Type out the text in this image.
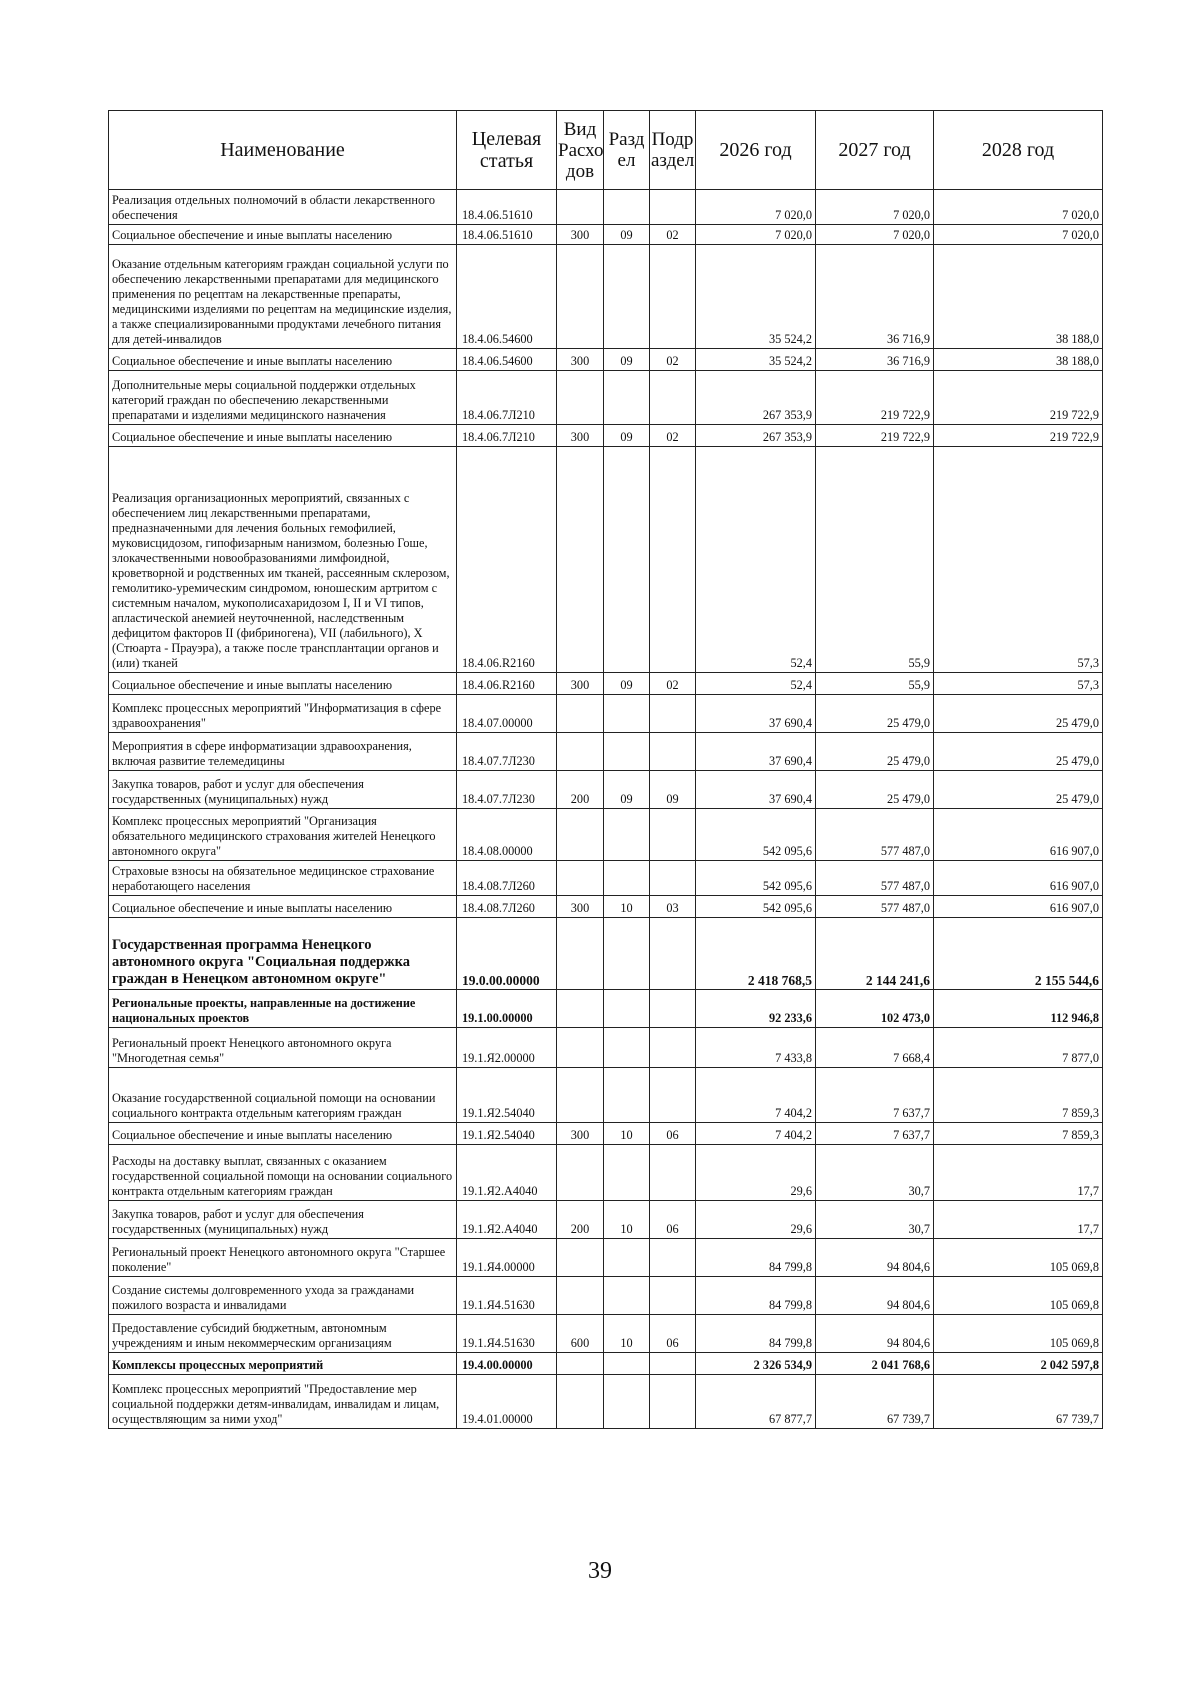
Наименование	Целевая статья	Вид Расхо дов	Разд ел	Подр аздел	2026 год	2027 год	2028 год
Реализация отдельных полномочий в области лекарственного обеспечения	18.4.06.51610				7 020,0	7 020,0	7 020,0
Социальное обеспечение и иные выплаты населению	18.4.06.51610	300	09	02	7 020,0	7 020,0	7 020,0
Оказание отдельным категориям граждан социальной услуги по обеспечению лекарственными препаратами для медицинского применения по рецептам на лекарственные препараты, медицинскими изделиями по рецептам на медицинские изделия, а также специализированными продуктами лечебного питания для детей-инвалидов	18.4.06.54600				35 524,2	36 716,9	38 188,0
Социальное обеспечение и иные выплаты населению	18.4.06.54600	300	09	02	35 524,2	36 716,9	38 188,0
Дополнительные меры социальной поддержки отдельных категорий граждан по обеспечению лекарственными препаратами и изделиями медицинского назначения	18.4.06.7Л210				267 353,9	219 722,9	219 722,9
Социальное обеспечение и иные выплаты населению	18.4.06.7Л210	300	09	02	267 353,9	219 722,9	219 722,9
Реализация организационных мероприятий, связанных с обеспечением лиц лекарственными препаратами, предназначенными для лечения больных гемофилией, муковисцидозом, гипофизарным нанизмом, болезнью Гоше, злокачественными новообразованиями лимфоидной, кроветворной и родственных им тканей, рассеянным склерозом, гемолитико-уремическим синдромом, юношеским артритом с системным началом, мукополисахаридозом I, II и VI типов, апластической анемией неуточненной, наследственным дефицитом факторов II (фибриногена), VII (лабильного), X (Стюарта - Прауэра), а также после трансплантации органов и (или) тканей	18.4.06.R2160				52,4	55,9	57,3
Социальное обеспечение и иные выплаты населению	18.4.06.R2160	300	09	02	52,4	55,9	57,3
Комплекс процессных мероприятий "Информатизация в сфере здравоохранения"	18.4.07.00000				37 690,4	25 479,0	25 479,0
Мероприятия в сфере информатизации здравоохранения, включая развитие телемедицины	18.4.07.7Л230				37 690,4	25 479,0	25 479,0
Закупка товаров, работ и услуг для обеспечения государственных (муниципальных) нужд	18.4.07.7Л230	200	09	09	37 690,4	25 479,0	25 479,0
Комплекс процессных мероприятий "Организация обязательного медицинского страхования жителей Ненецкого автономного округа"	18.4.08.00000				542 095,6	577 487,0	616 907,0
Страховые взносы на обязательное медицинское страхование неработающего населения	18.4.08.7Л260				542 095,6	577 487,0	616 907,0
Социальное обеспечение и иные выплаты населению	18.4.08.7Л260	300	10	03	542 095,6	577 487,0	616 907,0
Государственная программа Ненецкого автономного округа "Социальная поддержка граждан в Ненецком автономном округе"	19.0.00.00000				2 418 768,5	2 144 241,6	2 155 544,6
Региональные проекты, направленные на достижение национальных проектов	19.1.00.00000				92 233,6	102 473,0	112 946,8
Региональный проект Ненецкого автономного округа "Многодетная семья"	19.1.Я2.00000				7 433,8	7 668,4	7 877,0
Оказание государственной социальной помощи на основании социального контракта отдельным категориям граждан	19.1.Я2.54040				7 404,2	7 637,7	7 859,3
Социальное обеспечение и иные выплаты населению	19.1.Я2.54040	300	10	06	7 404,2	7 637,7	7 859,3
Расходы на доставку выплат, связанных с оказанием государственной социальной помощи на основании социального контракта отдельным категориям граждан	19.1.Я2.А4040				29,6	30,7	17,7
Закупка товаров, работ и услуг для обеспечения государственных (муниципальных) нужд	19.1.Я2.А4040	200	10	06	29,6	30,7	17,7
Региональный проект Ненецкого автономного округа "Старшее поколение"	19.1.Я4.00000				84 799,8	94 804,6	105 069,8
Создание системы долговременного ухода за гражданами пожилого возраста и инвалидами	19.1.Я4.51630				84 799,8	94 804,6	105 069,8
Предоставление субсидий бюджетным, автономным учреждениям и иным некоммерческим организациям	19.1.Я4.51630	600	10	06	84 799,8	94 804,6	105 069,8
Комплексы процессных мероприятий	19.4.00.00000				2 326 534,9	2 041 768,6	2 042 597,8
Комплекс процессных мероприятий "Предоставление мер социальной поддержки детям-инвалидам, инвалидам и лицам, осуществляющим за ними уход"	19.4.01.00000				67 877,7	67 739,7	67 739,7
39
